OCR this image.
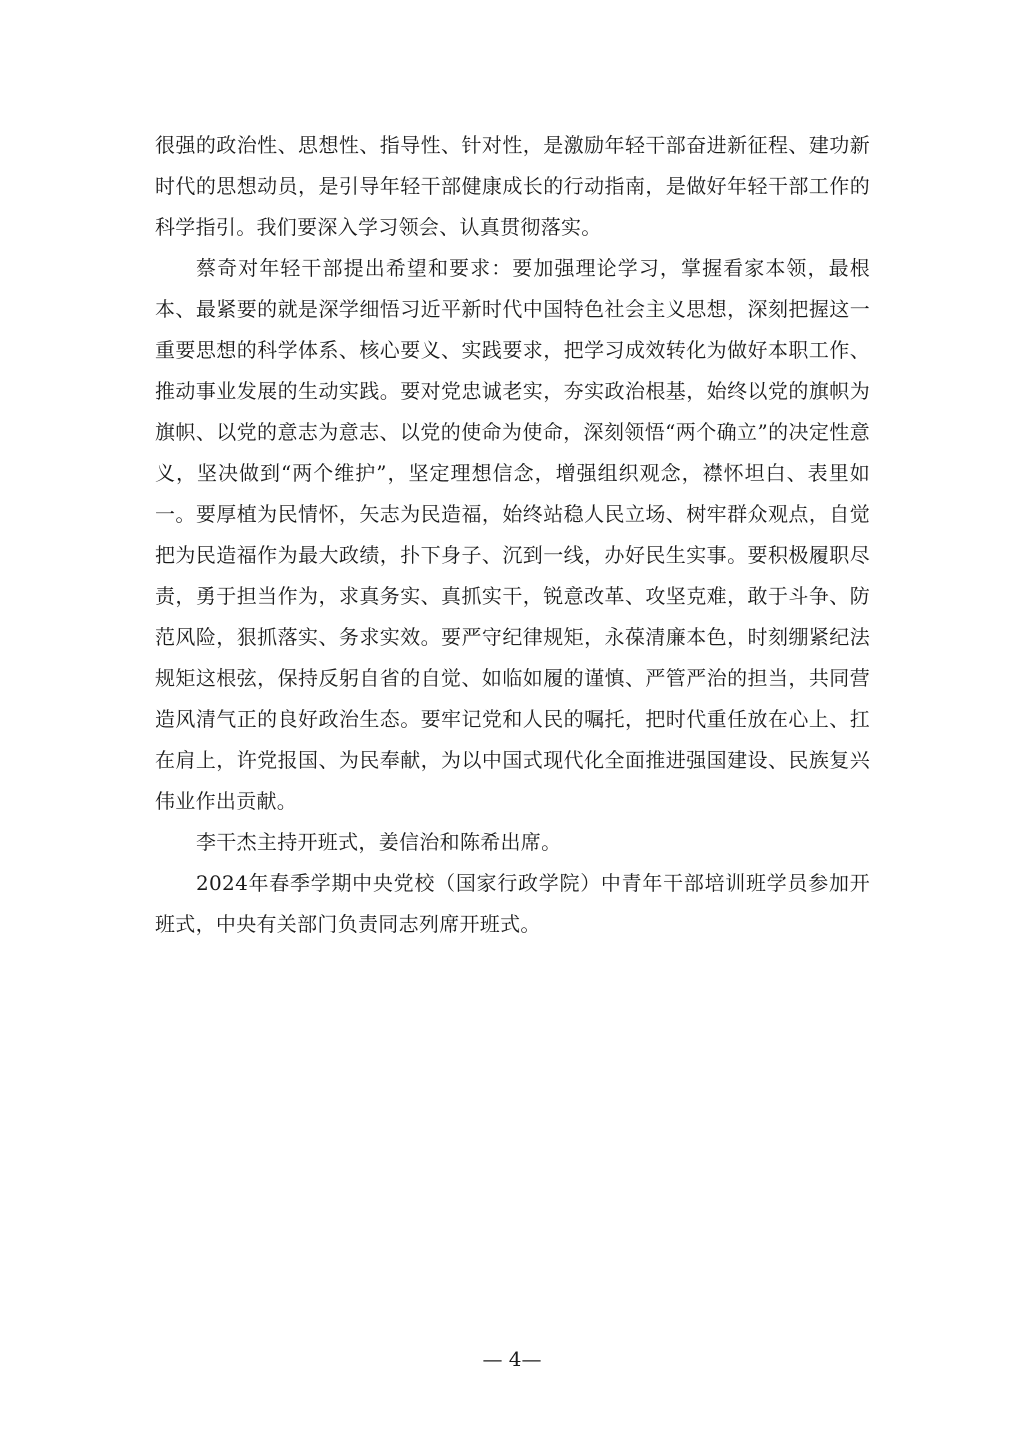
很强的政治性、思想性、指导性、针对性，是激励年轻干部奋进新征程、建功新时代的思想动员，是引导年轻干部健康成长的行动指南，是做好年轻干部工作的科学指引。我们要深入学习领会、认真贯彻落实。

蔡奇对年轻干部提出希望和要求：要加强理论学习，掌握看家本领，最根本、最紧要的就是深学细悟习近平新时代中国特色社会主义思想，深刻把握这一重要思想的科学体系、核心要义、实践要求，把学习成效转化为做好本职工作、推动事业发展的生动实践。要对党忠诚老实，夯实政治根基，始终以党的旗帜为旗帜、以党的意志为意志、以党的使命为使命，深刻领悟“两个确立”的决定性意义，坚决做到“两个维护”，坚定理想信念，增强组织观念，襟怀坦白、表里如一。要厚植为民情怀，矢志为民造福，始终站稳人民立场、树牢群众观点，自觉把为民造福作为最大政绩，扑下身子、沉到一线，办好民生实事。要积极履职尽责，勇于担当作为，求真务实、真抓实干，锐意改革、攻坚克难，敢于斗争、防范风险，狠抓落实、务求实效。要严守纪律规矩，永葆清廉本色，时刻绷紧纪法规矩这根弦，保持反躬自省的自觉、如临如履的谨慎、严管严治的担当，共同营造风清气正的良好政治生态。要牢记党和人民的嘱托，把时代重任放在心上、扛在肩上，许党报国、为民奉献，为以中国式现代化全面推进强国建设、民族复兴伟业作出贡献。

李干杰主持开班式，姜信治和陈希出席。

2024年春季学期中央党校（国家行政学院）中青年干部培训班学员参加开班式，中央有关部门负责同志列席开班式。

— 4—
